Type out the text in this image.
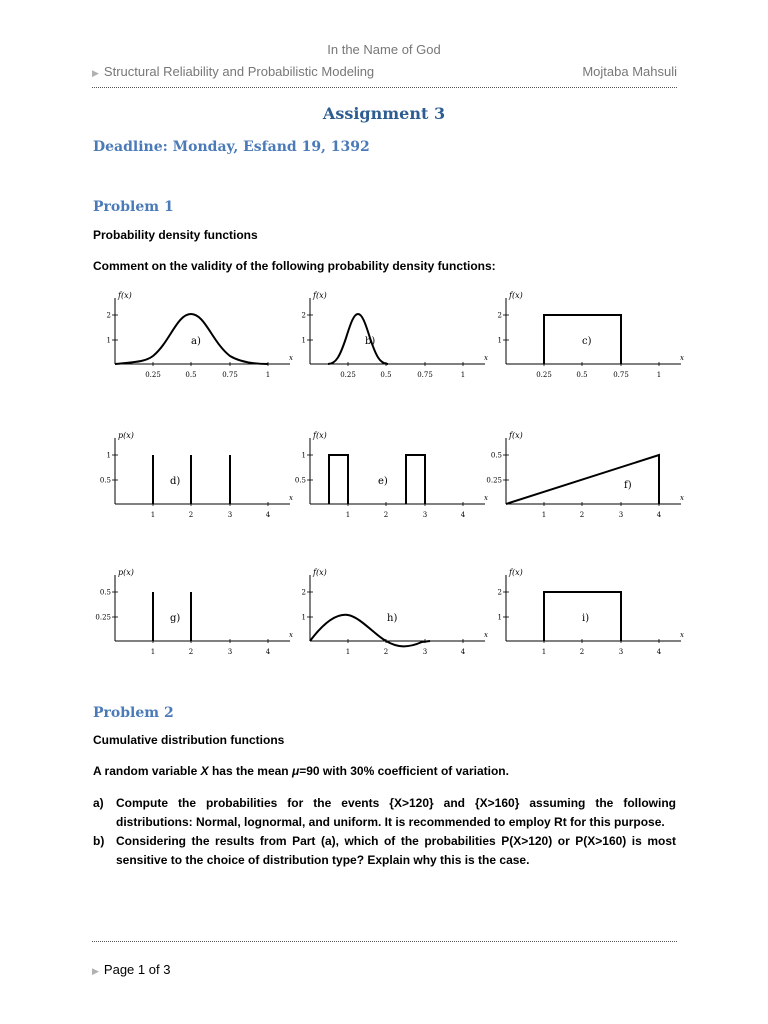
In the Name of God
▶ Structural Reliability and Probabilistic Modeling	Mojtaba Mahsuli
Assignment 3
Deadline: Monday, Esfand 19, 1392
Problem 1
Probability density functions
Comment on the validity of the following probability density functions:
f(x)
x
0.25	0.5	0.75	1
2
1	a)
f(x)
x
0.25	0.5	0.75	1
2
1	b)
f(x)
x
0.25	0.5	0.75	1
2
1	c)
p(x)
x
1	2	3	4
1
0.5	d)
f(x)
x
1	2	3	4
1
0.5	e)
f(x)
x
1	2	3	4
0.5
0.25	f)
p(x)
x
1	2	3	4
0.5
0.25	g)
f(x)
x
1	2	3	4
2
1	h)
f(x)
x
1	2	3	4
2
1	i)
Problem 2
Cumulative distribution functions
A random variable X has the mean μ=90 with 30% coefficient of variation.
a) Compute the probabilities for the events {X>120} and {X>160} assuming the following
distributions: Normal, lognormal, and uniform. It is recommended to employ Rt for this purpose.
b) Considering the results from Part (a), which of the probabilities P(X>120) or P(X>160) is most
sensitive to the choice of distribution type? Explain why this is the case.
▶ Page 1 of 3
